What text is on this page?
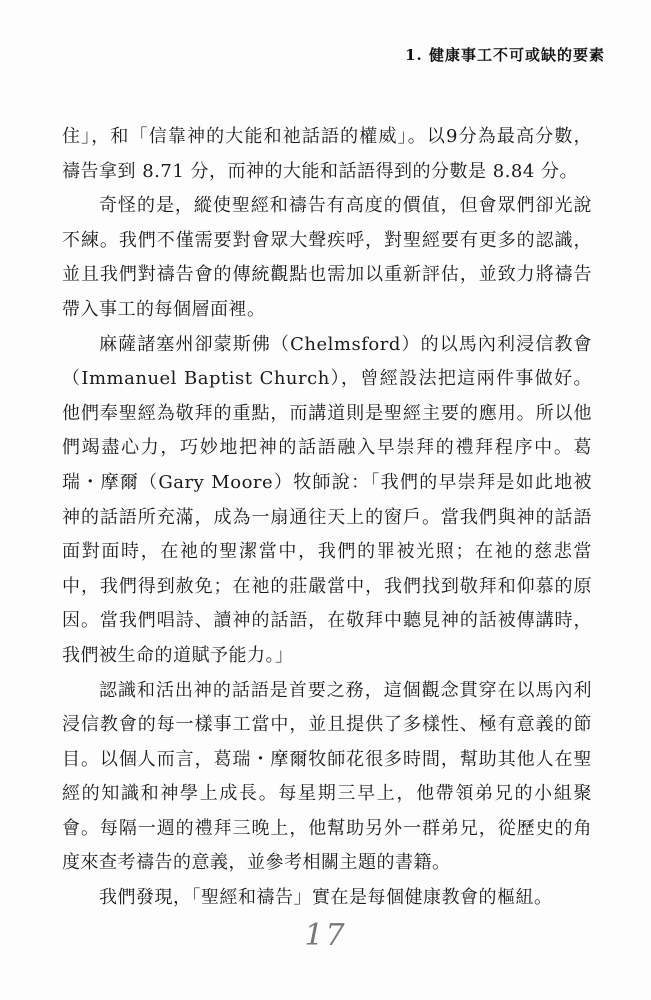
1. 健康事工不可或缺的要素

住」，和「信靠神的大能和祂話語的權威」。以9分為最高分數，禱告拿到 8.71 分，而神的大能和話語得到的分數是 8.84 分。

奇怪的是，縱使聖經和禱告有高度的價值，但會眾們卻光說不練。我們不僅需要對會眾大聲疾呼，對聖經要有更多的認識，並且我們對禱告會的傳統觀點也需加以重新評估，並致力將禱告帶入事工的每個層面裡。

麻薩諸塞州卻蒙斯佛（Chelmsford）的以馬內利浸信教會（Immanuel Baptist Church），曾經設法把這兩件事做好。他們奉聖經為敬拜的重點，而講道則是聖經主要的應用。所以他們竭盡心力，巧妙地把神的話語融入早崇拜的禮拜程序中。葛瑞・摩爾（Gary Moore）牧師說：「我們的早崇拜是如此地被神的話語所充滿，成為一扇通往天上的窗戶。當我們與神的話語面對面時，在祂的聖潔當中，我們的罪被光照；在祂的慈悲當中，我們得到赦免；在祂的莊嚴當中，我們找到敬拜和仰慕的原因。當我們唱詩、讀神的話語，在敬拜中聽見神的話被傳講時，我們被生命的道賦予能力。」

認識和活出神的話語是首要之務，這個觀念貫穿在以馬內利浸信教會的每一樣事工當中，並且提供了多樣性、極有意義的節目。以個人而言，葛瑞・摩爾牧師花很多時間，幫助其他人在聖經的知識和神學上成長。每星期三早上，他帶領弟兄的小組聚會。每隔一週的禮拜三晚上，他幫助另外一群弟兄，從歷史的角度來查考禱告的意義，並參考相關主題的書籍。

我們發現，「聖經和禱告」實在是每個健康教會的樞紐。

17
